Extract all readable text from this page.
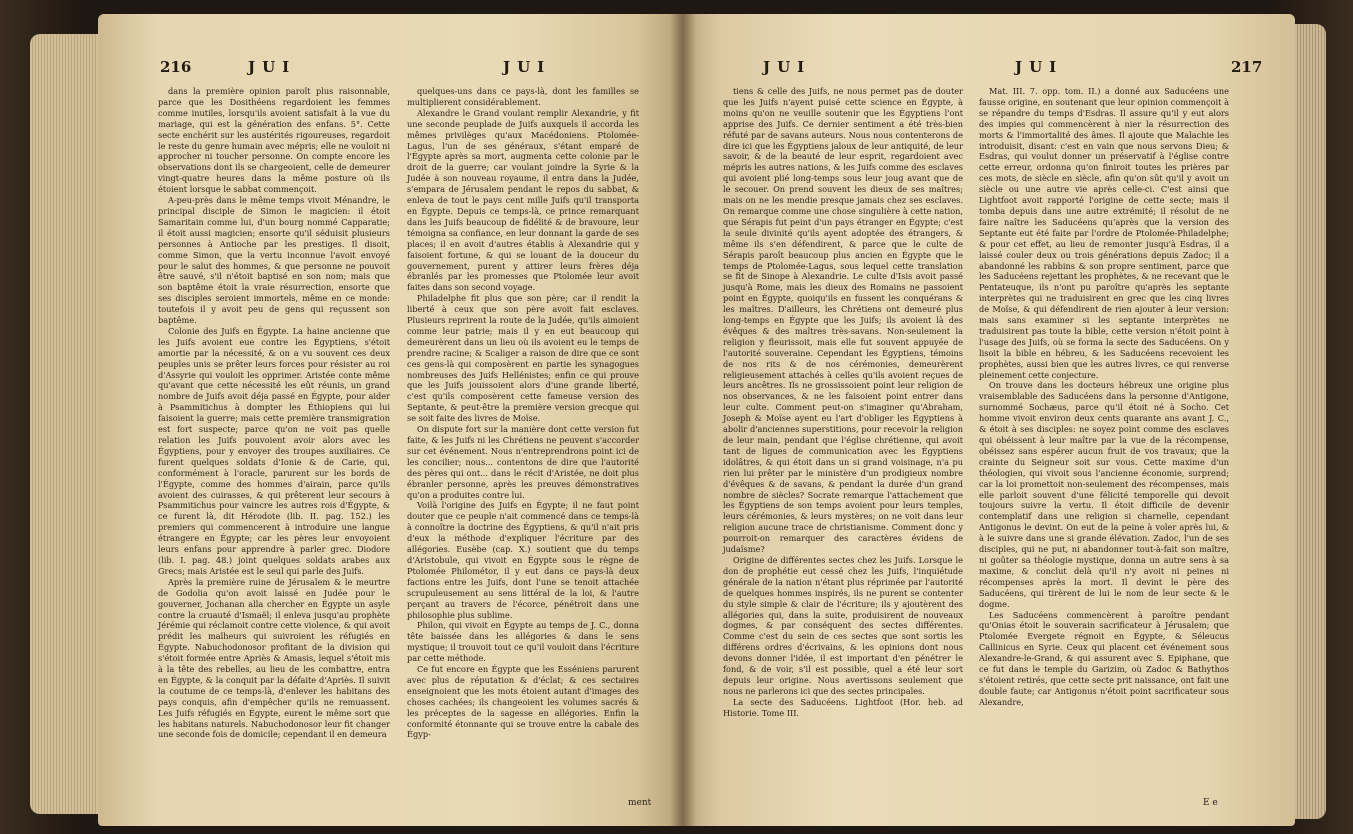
216	JUI	JUI

dans la première opinion paroît plus raisonnable, parce que les Dosithéens regardoient les femmes comme inutiles, lorsqu'ils avoient satisfait à la vue du mariage, qui est la génération des enfans. 5°. Cette secte enchérit sur les austérités rigoureuses, regardoit le reste du genre humain avec mépris; elle ne vouloit ni approcher ni toucher personne. On compte encore les observations dont ils se chargeoient, celle de demeurer vingt-quatre heures dans la même posture où ils étoient lorsque le sabbat commençoit.

A-peu-près dans le même temps vivoit Ménandre, le principal disciple de Simon le magicien: il étoit Samaritain comme lui, d'un bourg nommé Capparatie; il étoit aussi magicien; ensorte qu'il séduisit plusieurs personnes à Antioche par les prestiges. Il disoit, comme Simon, que la vertu inconnue l'avoit envoyé pour le salut des hommes, & que personne ne pouvoit être sauvé, s'il n'étoit baptisé en son nom; mais que son baptême étoit la vraie résurrection, ensorte que ses disciples seroient immortels, même en ce monde: toutefois il y avoit peu de gens qui reçussent son baptême.

Colonie des Juifs en Égypte. La haine ancienne que les Juifs avoient eue contre les Égyptiens, s'étoit amortie par la nécessité, & on a vu souvent ces deux peuples unis se prêter leurs forces pour résister au roi d'Assyrie qui vouloit les opprimer. Aristée conte même qu'avant que cette nécessité les eût réunis, un grand nombre de Juifs avoit déja passé en Égypte, pour aider à Psammitichus à dompter les Éthiopiens qui lui faisoient la guerre; mais cette première transmigration est fort suspecte; parce qu'on ne voit pas quelle relation les Juifs pouvoient avoir alors avec les Égyptiens, pour y envoyer des troupes auxiliaires. Ce furent quelques soldats d'Ionie & de Carie, qui, conformément à l'oracle, parurent sur les bords de l'Égypte, comme des hommes d'airain, parce qu'ils avoient des cuirasses, & qui prêterent leur secours à Psammitichus pour vaincre les autres rois d'Égypte, & ce furent là, dit Hérodote (lib. II. pag. 152.) les premiers qui commencerent à introduire une langue étrangere en Égypte; car les pères leur envoyoient leurs enfans pour apprendre à parler grec. Diodore (lib. I. pag. 48.) joint quelques soldats arabes aux Grecs; mais Aristée est le seul qui parle des Juifs.

Après la première ruine de Jérusalem & le meurtre de Godolia qu'on avoit laissé en Judée pour le gouverner, Jochanan alla chercher en Égypte un asyle contre la cruauté d'Ismaël; il enleva jusqu'au prophète Jérémie qui réclamoit contre cette violence, & qui avoit prédit les malheurs qui suivroient les réfugiés en Égypte. Nabuchodonosor profitant de la division qui s'étoit formée entre Apriès & Amasis, lequel s'étoit mis à la tête des rebelles, au lieu de les combattre, entra en Égypte, & la conquit par la défaite d'Apriès. Il suivit la coutume de ce temps-là, d'enlever les habitans des pays conquis, afin d'empêcher qu'ils ne remuassent. Les Juifs réfugiés en Égypte, eurent le même sort que les habitans naturels. Nabuchodonosor leur fit changer une seconde fois de domicile; cependant il en demeura

quelques-uns dans ce pays-là, dont les familles se multiplierent considérablement.

Alexandre le Grand voulant remplir Alexandrie, y fit une seconde peuplade de Juifs auxquels il accorda les mêmes privilèges qu'aux Macédoniens. Ptolomée-Lagus, l'un de ses généraux, s'étant emparé de l'Égypte après sa mort, augmenta cette colonie par le droit de la guerre; car voulant joindre la Syrie & la Judée à son nouveau royaume, il entra dans la Judée, s'empara de Jérusalem pendant le repos du sabbat, & enleva de tout le pays cent mille Juifs qu'il transporta en Égypte. Depuis ce temps-là, ce prince remarquant dans les Juifs beaucoup de fidélité & de bravoure, leur témoigna sa confiance, en leur donnant la garde de ses places; il en avoit d'autres établis à Alexandrie qui y faisoient fortune, & qui se louant de la douceur du gouvernement, purent y attirer leurs frères déja ébranlés par les promesses que Ptolomée leur avoit faites dans son second voyage.

Philadelphe fit plus que son père; car il rendit la liberté à ceux que son père avoit fait esclaves. Plusieurs reprirent la route de la Judée, qu'ils aimoient comme leur patrie; mais il y en eut beaucoup qui demeurèrent dans un lieu où ils avoient eu le temps de prendre racine; & Scaliger a raison de dire que ce sont ces gens-là qui composèrent en partie les synagogues nombreuses des Juifs Hellénistes; enfin ce qui prouve que les Juifs jouissoient alors d'une grande liberté, c'est qu'ils composèrent cette fameuse version des Septante, & peut-être la première version grecque qui se soit faite des livres de Moïse.

On dispute fort sur la manière dont cette version fut faite, & les Juifs ni les Chrétiens ne peuvent s'accorder sur cet événement. Nous n'entreprendrons point ici de les concilier; nous... contentons de dire que l'autorité des pères qui ont... dans le récit d'Aristée, ne doit plus ébranler personne, après les preuves démonstratives qu'on a produites contre lui.

Voilà l'origine des Juifs en Égypte; il ne faut point douter que ce peuple n'ait commencé dans ce temps-là à connoître la doctrine des Égyptiens, & qu'il n'ait pris d'eux la méthode d'expliquer l'écriture par des allégories. Eusèbe (cap. X.) soutient que du temps d'Aristobule, qui vivoit en Égypte sous le règne de Ptolomée Philométor, il y eut dans ce pays-là deux factions entre les Juifs, dont l'une se tenoit attachée scrupuleusement au sens littéral de la loi, & l'autre perçant au travers de l'écorce, pénétroit dans une philosophie plus sublime.

Philon, qui vivoit en Égypte au temps de J. C., donna tête baissée dans les allégories & dans le sens mystique; il trouvoit tout ce qu'il vouloit dans l'écriture par cette méthode.

Ce fut encore en Égypte que les Esséniens parurent avec plus de réputation & d'éclat; & ces sectaires enseignoient que les mots étoient autant d'images des choses cachées; ils changeoient les volumes sacrés & les préceptes de la sagesse en allégories. Enfin la conformité étonnante qui se trouve entre la cabale des Égyp-

ment
JUI	JUI	217

tiens & celle des Juifs, ne nous permet pas de douter que les Juifs n'ayent puisé cette science en Égypte, à moins qu'on ne veuille soutenir que les Égyptiens l'ont apprise des Juifs. Ce dernier sentiment a été très-bien réfuté par de savans auteurs. Nous nous contenterons de dire ici que les Égyptiens jaloux de leur antiquité, de leur savoir, & de la beauté de leur esprit, regardoient avec mépris les autres nations, & les Juifs comme des esclaves qui avoient plié long-temps sous leur joug avant que de le secouer. On prend souvent les dieux de ses maîtres; mais on ne les mendie presque jamais chez ses esclaves. On remarque comme une chose singulière à cette nation, que Sérapis fut peint d'un pays étranger en Égypte; c'est la seule divinité qu'ils ayent adoptée des étrangers, & même ils s'en défendirent, & parce que le culte de Sérapis paroît beaucoup plus ancien en Égypte que le temps de Ptolomée-Lagus, sous lequel cette translation se fit de Sinope à Alexandrie. Le culte d'Isis avoit passé jusqu'à Rome, mais les dieux des Romains ne passoient point en Égypte, quoiqu'ils en fussent les conquérans & les maîtres. D'ailleurs, les Chrétiens ont demeuré plus long-temps en Égypte que les Juifs; ils avoient là des évêques & des maîtres très-savans. Non-seulement la religion y fleurissoit, mais elle fut souvent appuyée de l'autorité souveraine. Cependant les Égyptiens, témoins de nos rits & de nos cérémonies, demeurèrent religieusement attachés à celles qu'ils avoient reçues de leurs ancêtres. Ils ne grossissoient point leur religion de nos observances, & ne les faisoient point entrer dans leur culte. Comment peut-on s'imaginer qu'Abraham, Joseph & Moïse ayent eu l'art d'obliger les Égyptiens à abolir d'anciennes superstitions, pour recevoir la religion de leur main, pendant que l'église chrétienne, qui avoit tant de ligues de communication avec les Égyptiens idolâtres, & qui étoit dans un si grand voisinage, n'a pu rien lui prêter par le ministère d'un prodigieux nombre d'évêques & de savans, & pendant la durée d'un grand nombre de siècles? Socrate remarque l'attachement que les Égyptiens de son temps avoient pour leurs temples, leurs cérémonies, & leurs mystères; on ne voit dans leur religion aucune trace de christianisme. Comment donc y pourroit-on remarquer des caractères évidens de judaïsme?

Origine de différentes sectes chez les Juifs. Lorsque le don de prophétie eut cessé chez les Juifs, l'inquiétude générale de la nation n'étant plus réprimée par l'autorité de quelques hommes inspirés, ils ne purent se contenter du style simple & clair de l'écriture; ils y ajoutèrent des allégories qui, dans la suite, produisirent de nouveaux dogmes, & par conséquent des sectes différentes. Comme c'est du sein de ces sectes que sont sortis les différens ordres d'écrivains, & les opinions dont nous devons donner l'idée, il est important d'en pénétrer le fond, & de voir, s'il est possible, quel a été leur sort depuis leur origine. Nous avertissons seulement que nous ne parlerons ici que des sectes principales.

La secte des Saducéens. Lightfoot (Hor. heb. ad Historie. Tome III.

Mat. III. 7. opp. tom. II.) a donné aux Saducéens une fausse origine, en soutenant que leur opinion commençoit à se répandre du temps d'Esdras. Il assure qu'il y eut alors des impies qui commencèrent à nier la résurrection des morts & l'immortalité des âmes. Il ajoute que Malachie les introduisit, disant: c'est en vain que nous servons Dieu; & Esdras, qui voulut donner un préservatif à l'église contre cette erreur, ordonna qu'on finiroit toutes les prières par ces mots, de siècle en siècle, afin qu'on sût qu'il y avoit un siècle ou une autre vie après celle-ci. C'est ainsi que Lightfoot avoit rapporté l'origine de cette secte; mais il tomba depuis dans une autre extrémité; il résolut de ne faire naître les Saducéens qu'après que la version des Septante eut été faite par l'ordre de Ptolomée-Philadelphe; & pour cet effet, au lieu de remonter jusqu'à Esdras, il a laissé couler deux ou trois générations depuis Zadoc; il a abandonné les rabbins & son propre sentiment, parce que les Saducéens rejettant les prophètes, & ne recevant que le Pentateuque, ils n'ont pu paroître qu'après les septante interprètes qui ne traduisirent en grec que les cinq livres de Moïse, & qui défendirent de rien ajouter à leur version: mais sans examiner si les septante interprètes ne traduisirent pas toute la bible, cette version n'étoit point à l'usage des Juifs, où se forma la secte des Saducéens. On y lisoit la bible en hébreu, & les Saducéens recevoient les prophètes, aussi bien que les autres livres, ce qui renverse pleinement cette conjecture.

On trouve dans les docteurs hébreux une origine plus vraisemblable des Saducéens dans la personne d'Antigone, surnommé Sochæus, parce qu'il étoit né à Socho. Cet homme vivoit environ deux cents quarante ans avant J. C., & étoit à ses disciples: ne soyez point comme des esclaves qui obéissent à leur maître par la vue de la récompense, obéissez sans espérer aucun fruit de vos travaux; que la crainte du Seigneur soit sur vous. Cette maxime d'un théologien, qui vivoit sous l'ancienne économie, surprend; car la loi promettoit non-seulement des récompenses, mais elle parloit souvent d'une félicité temporelle qui devoit toujours suivre la vertu. Il étoit difficile de devenir contemplatif dans une religion si charnelle, cependant Antigonus le devint. On eut de la peine à voler après lui, & à le suivre dans une si grande élévation. Zadoc, l'un de ses disciples, qui ne put, ni abandonner tout-à-fait son maître, ni goûter sa théologie mystique, donna un autre sens à sa maxime, & conclut delà qu'il n'y avoit ni peines ni récompenses après la mort. Il devint le père des Saducéens, qui tirèrent de lui le nom de leur secte & le dogme.

Les Saducéens commencèrent à paroître pendant qu'Onias étoit le souverain sacrificateur à Jérusalem; que Ptolomée Evergete régnoit en Égypte, & Séleucus Callinicus en Syrie. Ceux qui placent cet événement sous Alexandre-le-Grand, & qui assurent avec S. Epiphane, que ce fut dans le temple du Garizim, où Zadoc & Bathythos s'étoient retirés, que cette secte prit naissance, ont fait une double faute; car Antigonus n'étoit point sacrificateur sous Alexandre,

E e
